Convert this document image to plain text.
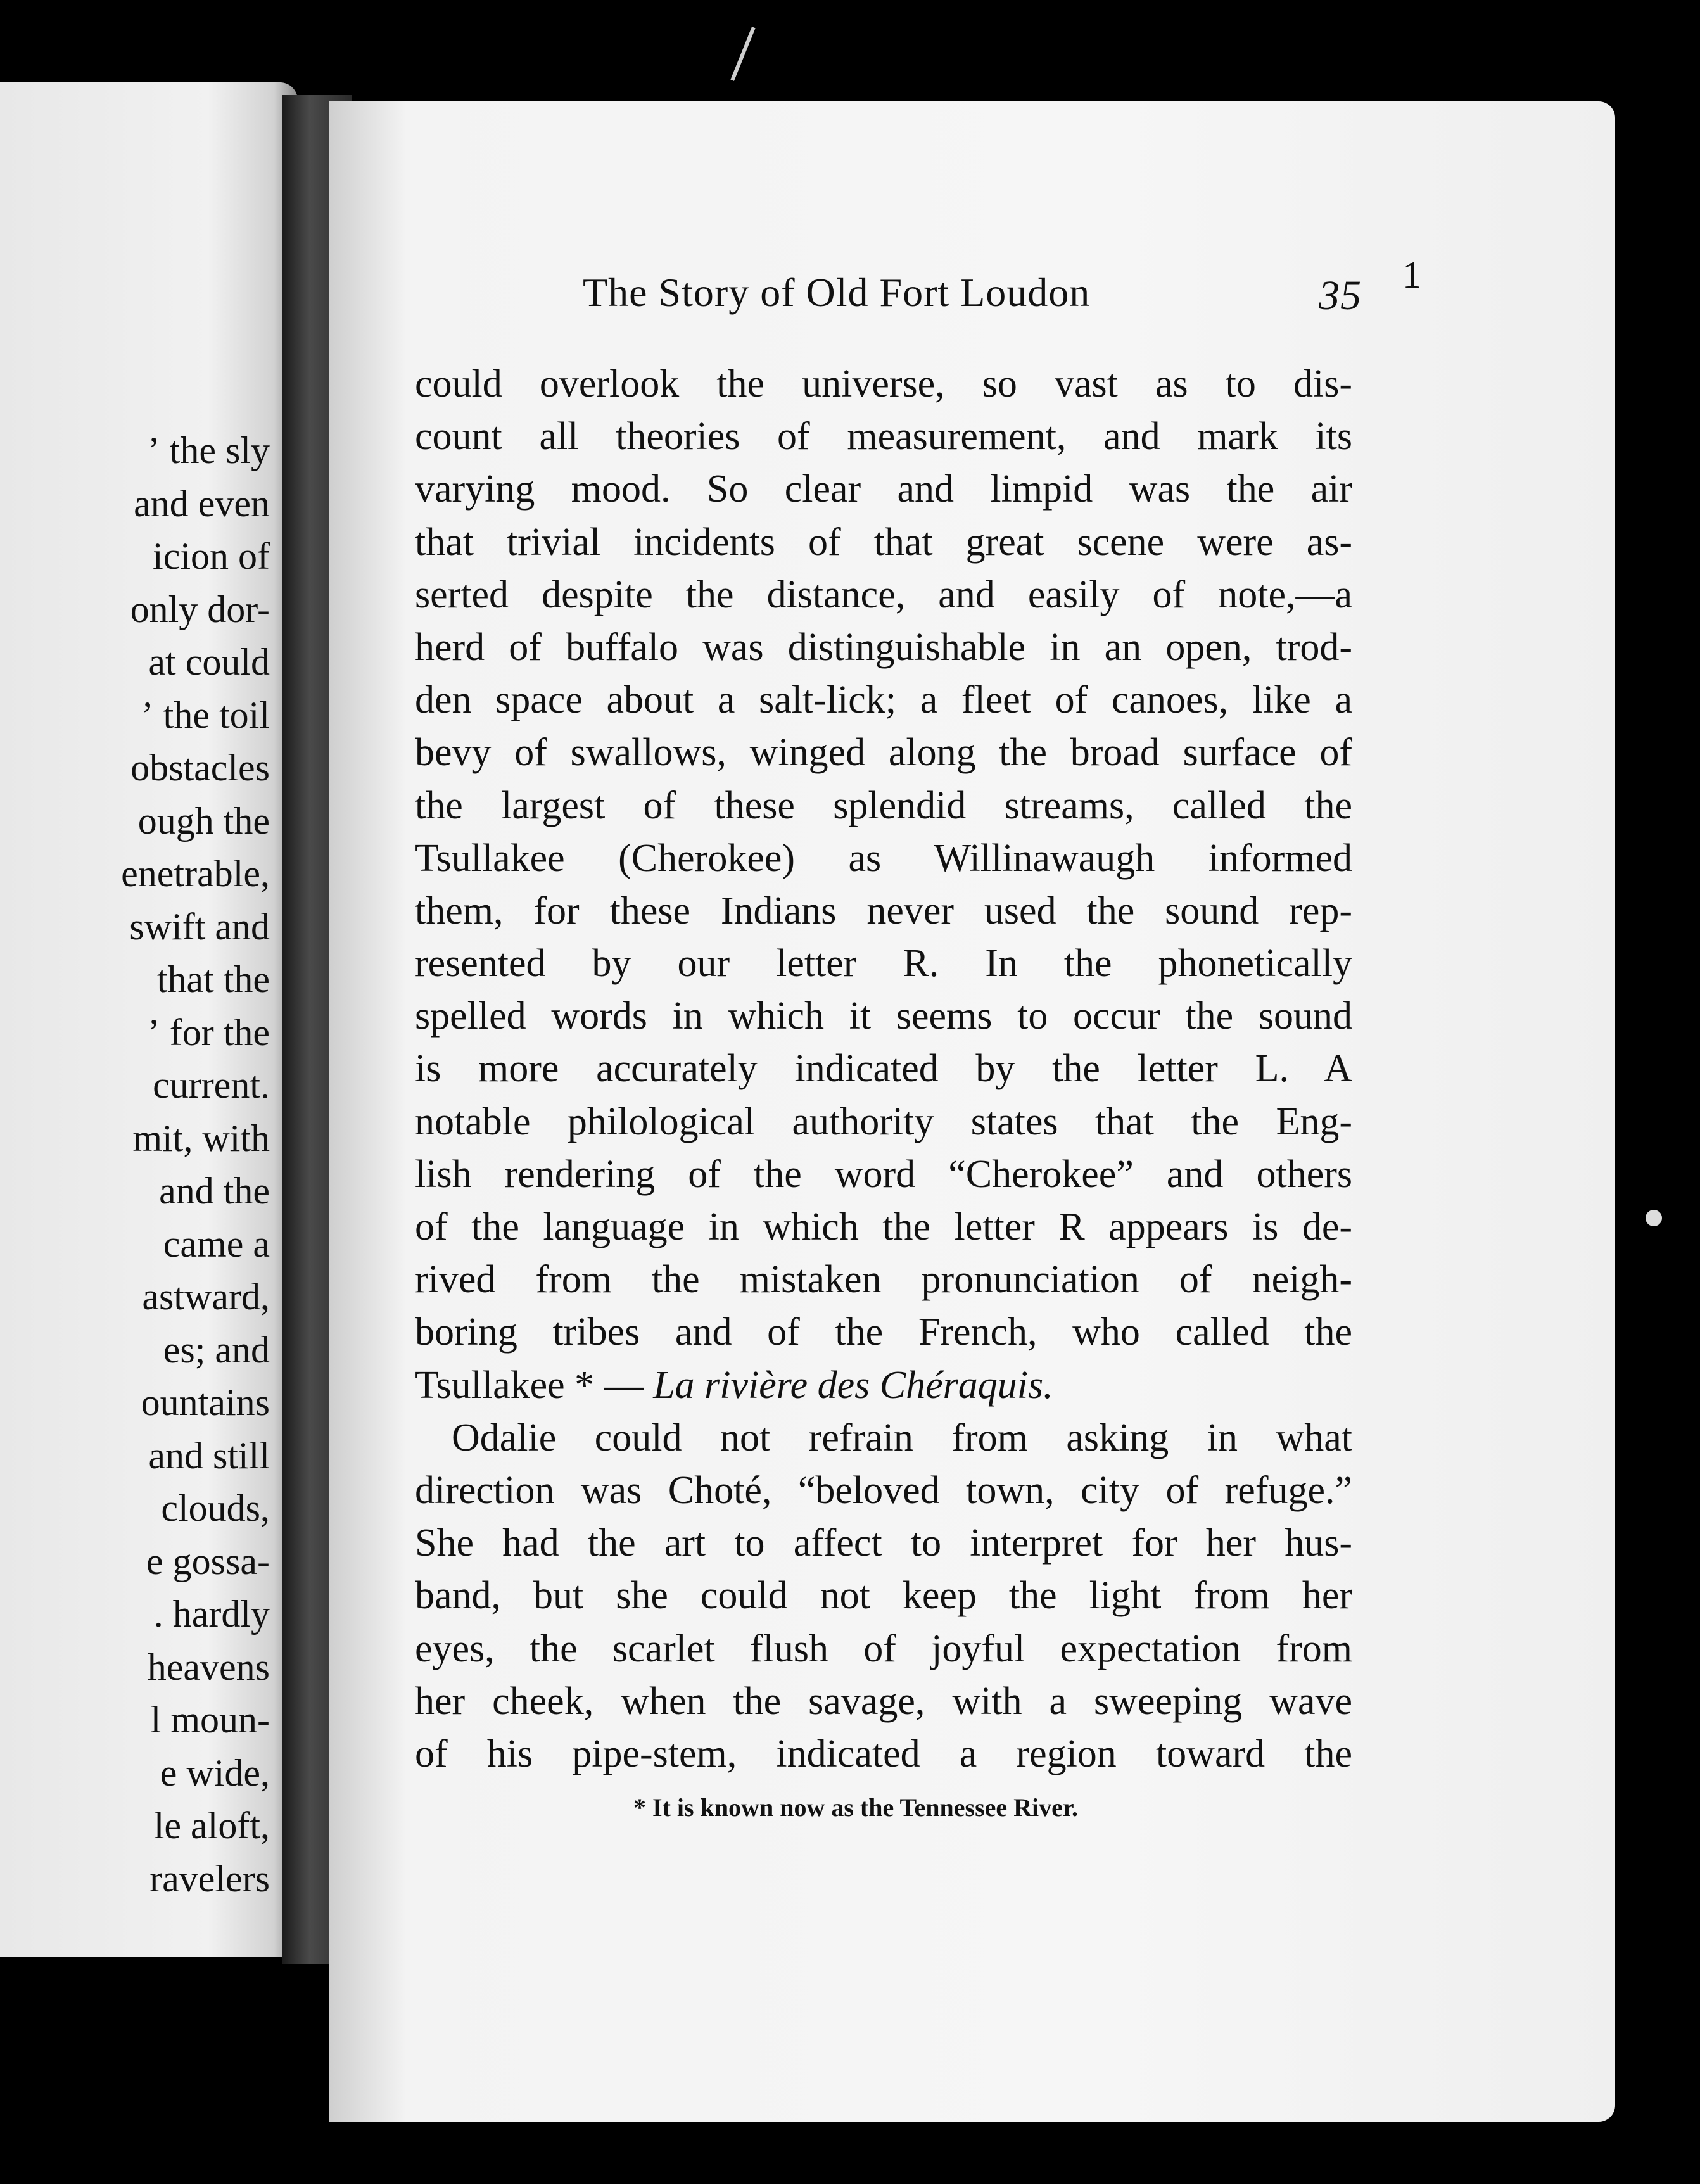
ʼ the sly
and even
icion of
only dor-
at could
ʼ the toil
obstacles
ough the
enetrable,
swift and
that the
ʼ for the
current.
mit, with
and the
came a
astward,
es; and
ountains
and still
clouds,
e gossa-
. hardly
heavens
l moun-
e wide,
le aloft,
ravelers
The Story of Old Fort Loudon	35
could overlook the universe, so vast as to dis-
count all theories of measurement, and mark its
varying mood. So clear and limpid was the air
that trivial incidents of that great scene were as-
serted despite the distance, and easily of note,—a
herd of buffalo was distinguishable in an open, trod-
den space about a salt-lick; a fleet of canoes, like a
bevy of swallows, winged along the broad surface of
the largest of these splendid streams, called the
Tsullakee (Cherokee) as Willinawaugh informed
them, for these Indians never used the sound rep-
resented by our letter R. In the phonetically
spelled words in which it seems to occur the sound
is more accurately indicated by the letter L. A
notable philological authority states that the Eng-
lish rendering of the word “Cherokee” and others
of the language in which the letter R appears is de-
rived from the mistaken pronunciation of neigh-
boring tribes and of the French, who called the
Tsullakee * — La rivière des Chéraquis.
Odalie could not refrain from asking in what
direction was Choté, “beloved town, city of refuge.”
She had the art to affect to interpret for her hus-
band, but she could not keep the light from her
eyes, the scarlet flush of joyful expectation from
her cheek, when the savage, with a sweeping wave
of his pipe-stem, indicated a region toward the
* It is known now as the Tennessee River.
1
